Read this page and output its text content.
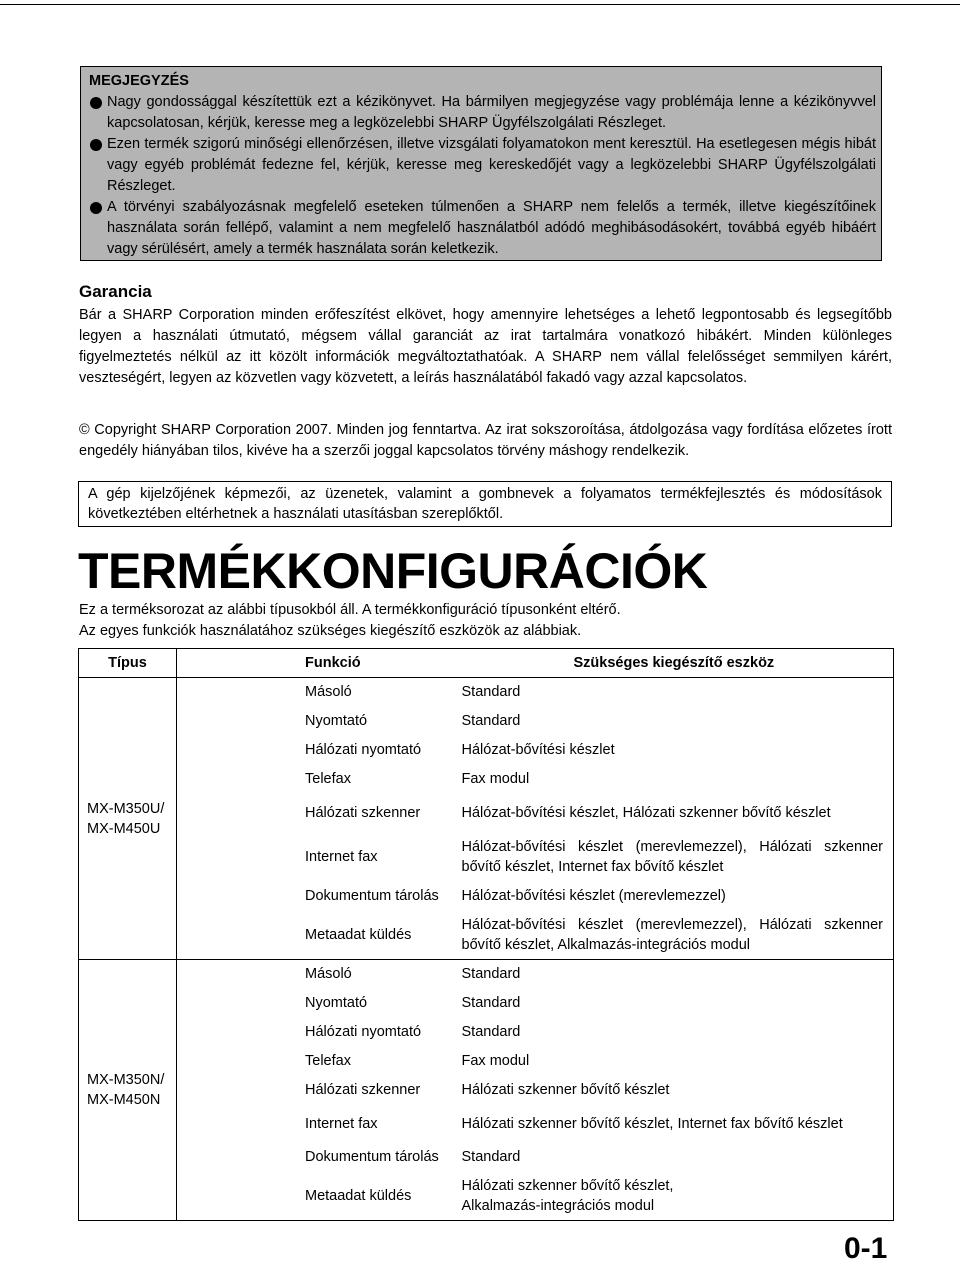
MEGJEGYZÉS

Nagy gondossággal készítettük ezt a kézikönyvet. Ha bármilyen megjegyzése vagy problémája lenne a kézikönyvvel kapcsolatosan, kérjük, keresse meg a legközelebbi SHARP Ügyfélszolgálati Részleget.

Ezen termék szigorú minőségi ellenőrzésen, illetve vizsgálati folyamatokon ment keresztül. Ha esetlegesen mégis hibát vagy egyéb problémát fedezne fel, kérjük, keresse meg kereskedőjét vagy a legközelebbi SHARP Ügyfélszolgálati Részleget.

A törvényi szabályozásnak megfelelő eseteken túlmenően a SHARP nem felelős a termék, illetve kiegészítőinek használata során fellépő, valamint a nem megfelelő használatból adódó meghibásodásokért, továbbá egyéb hibáért vagy sérülésért, amely a termék használata során keletkezik.

Garancia

Bár a SHARP Corporation minden erőfeszítést elkövet, hogy amennyire lehetséges a lehető legpontosabb és legsegítőbb legyen a használati útmutató, mégsem vállal garanciát az irat tartalmára vonatkozó hibákért. Minden különleges figyelmeztetés nélkül az itt közölt információk megváltoztathatóak. A SHARP nem vállal felelősséget semmilyen kárért, veszteségért, legyen az közvetlen vagy közvetett, a leírás használatából fakadó vagy azzal kapcsolatos.

© Copyright SHARP Corporation 2007. Minden jog fenntartva. Az irat sokszoroítása, átdolgozása vagy fordítása előzetes írott engedély hiányában tilos, kivéve ha a szerzői joggal kapcsolatos törvény máshogy rendelkezik.

A gép kijelzőjének képmezői, az üzenetek, valamint a gombnevek a folyamatos termékfejlesztés és módosítások következtében eltérhetnek a használati utasításban szereplőktől.
TERMÉKKONFIGURÁCIÓK
Ez a terméksorozat az alábbi típusokból áll. A termékkonfiguráció típusonként eltérő.
Az egyes funkciók használatához szükséges kiegészítő eszközök az alábbiak.
Típus	Funkció	Szükséges kiegészítő eszköz
MX-M350U/
MX-M450U	Másoló	Standard
	Nyomtató	Standard
	Hálózati nyomtató	Hálózat-bővítési készlet
	Telefax	Fax modul
	Hálózati szkenner	Hálózat-bővítési készlet, Hálózati szkenner bővítő készlet
	Internet fax	Hálózat-bővítési készlet (merevlemezzel), Hálózati szkenner bővítő készlet, Internet fax bővítő készlet
	Dokumentum tárolás	Hálózat-bővítési készlet (merevlemezzel)
	Metaadat küldés	Hálózat-bővítési készlet (merevlemezzel), Hálózati szkenner bővítő készlet, Alkalmazás-integrációs modul
MX-M350N/
MX-M450N	Másoló	Standard
	Nyomtató	Standard
	Hálózati nyomtató	Standard
	Telefax	Fax modul
	Hálózati szkenner	Hálózati szkenner bővítő készlet
	Internet fax	Hálózati szkenner bővítő készlet, Internet fax bővítő készlet
	Dokumentum tárolás	Standard
	Metaadat küldés	Hálózati szkenner bővítő készlet,
Alkalmazás-integrációs modul
0-1
